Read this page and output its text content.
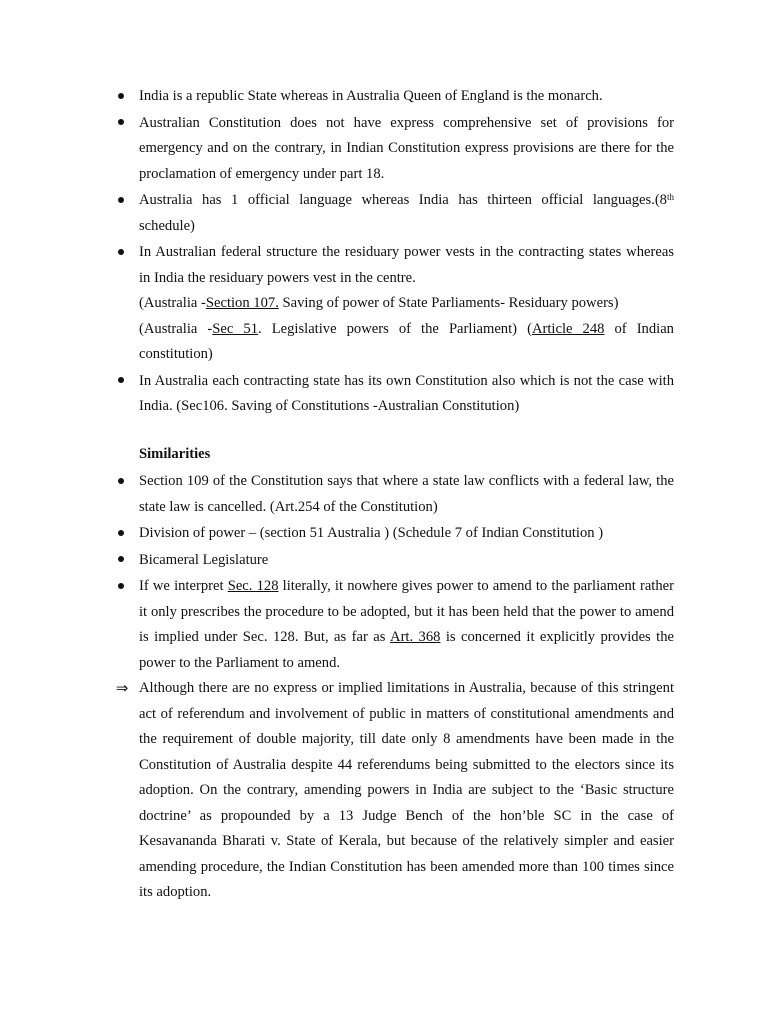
India is a republic State whereas in Australia Queen of England is the monarch.

Australian Constitution does not have express comprehensive set of provisions for emergency and on the contrary, in Indian Constitution express provisions are there for the proclamation of emergency under part 18.

Australia has 1 official language whereas India has thirteen official languages.(8th schedule)

In Australian federal structure the residuary power vests in the contracting states whereas in India the residuary powers vest in the centre.

(Australia -Section 107. Saving of power of State Parliaments- Residuary powers)

(Australia -Sec 51. Legislative powers of the Parliament) (Article 248 of Indian constitution)

In Australia each contracting state has its own Constitution also which is not the case with India. (Sec106. Saving of Constitutions -Australian Constitution)

Similarities

Section 109 of the Constitution says that where a state law conflicts with a federal law, the state law is cancelled. (Art.254 of the Constitution)

Division of power – (section 51 Australia ) (Schedule 7 of Indian Constitution )

Bicameral Legislature

If we interpret Sec. 128 literally, it nowhere gives power to amend to the parliament rather it only prescribes the procedure to be adopted, but it has been held that the power to amend is implied under Sec. 128. But, as far as Art. 368 is concerned it explicitly provides the power to the Parliament to amend.

⇒ Although there are no express or implied limitations in Australia, because of this stringent act of referendum and involvement of public in matters of constitutional amendments and the requirement of double majority, till date only 8 amendments have been made in the Constitution of Australia despite 44 referendums being submitted to the electors since its adoption. On the contrary, amending powers in India are subject to the ‘Basic structure doctrine’ as propounded by a 13 Judge Bench of the hon’ble SC in the case of Kesavananda Bharati v. State of Kerala, but because of the relatively simpler and easier amending procedure, the Indian Constitution has been amended more than 100 times since its adoption.
